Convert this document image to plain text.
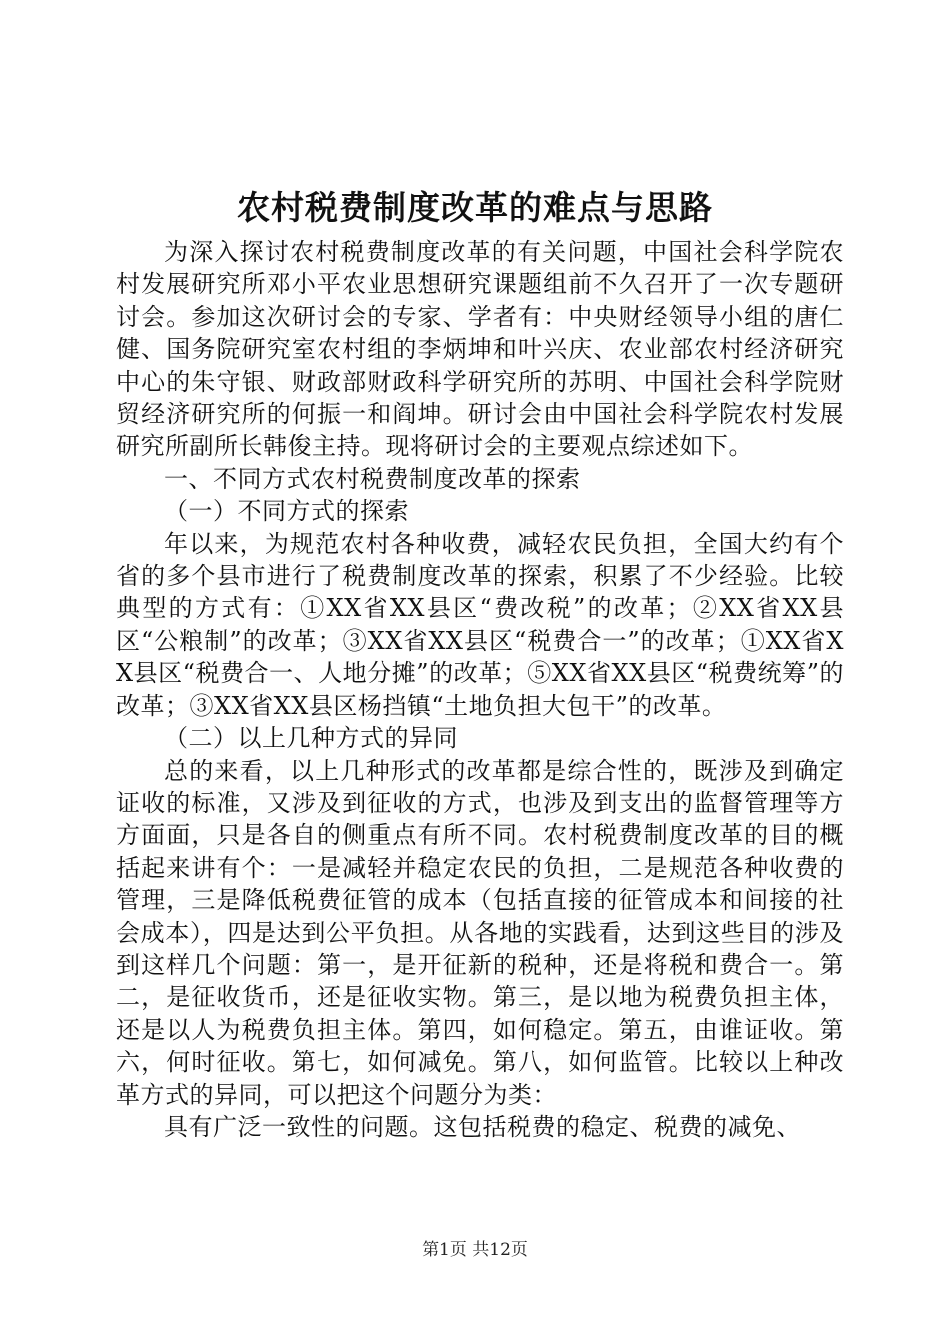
农村税费制度改革的难点与思路

为深入探讨农村税费制度改革的有关问题，中国社会科学院农村发展研究所邓小平农业思想研究课题组前不久召开了一次专题研讨会。参加这次研讨会的专家、学者有：中央财经领导小组的唐仁健、国务院研究室农村组的李炳坤和叶兴庆、农业部农村经济研究中心的朱守银、财政部财政科学研究所的苏明、中国社会科学院财贸经济研究所的何振一和阎坤。研讨会由中国社会科学院农村发展研究所副所长韩俊主持。现将研讨会的主要观点综述如下。

一、不同方式农村税费制度改革的探索

（一）不同方式的探索

年以来，为规范农村各种收费，减轻农民负担，全国大约有个省的多个县市进行了税费制度改革的探索，积累了不少经验。比较典型的方式有：①XX省XX县区“费改税”的改革；②XX省XX县区“公粮制”的改革；③XX省XX县区“税费合一”的改革；①XX省XX县区“税费合一、人地分摊”的改革；⑤XX省XX县区“税费统筹”的改革；③XX省XX县区杨挡镇“土地负担大包干”的改革。

（二）以上几种方式的异同

总的来看，以上几种形式的改革都是综合性的，既涉及到确定证收的标准，又涉及到征收的方式，也涉及到支出的监督管理等方方面面，只是各自的侧重点有所不同。农村税费制度改革的目的概括起来讲有个：一是减轻并稳定农民的负担，二是规范各种收费的管理，三是降低税费征管的成本（包括直接的征管成本和间接的社会成本），四是达到公平负担。从各地的实践看，达到这些目的涉及到这样几个问题：第一，是开征新的税种，还是将税和费合一。第二，是征收货币，还是征收实物。第三，是以地为税费负担主体，还是以人为税费负担主体。第四，如何稳定。第五，由谁证收。第六，何时征收。第七，如何减免。第八，如何监管。比较以上种改革方式的异同，可以把这个问题分为类：

具有广泛一致性的问题。这包括税费的稳定、税费的减免、

第1页 共12页
